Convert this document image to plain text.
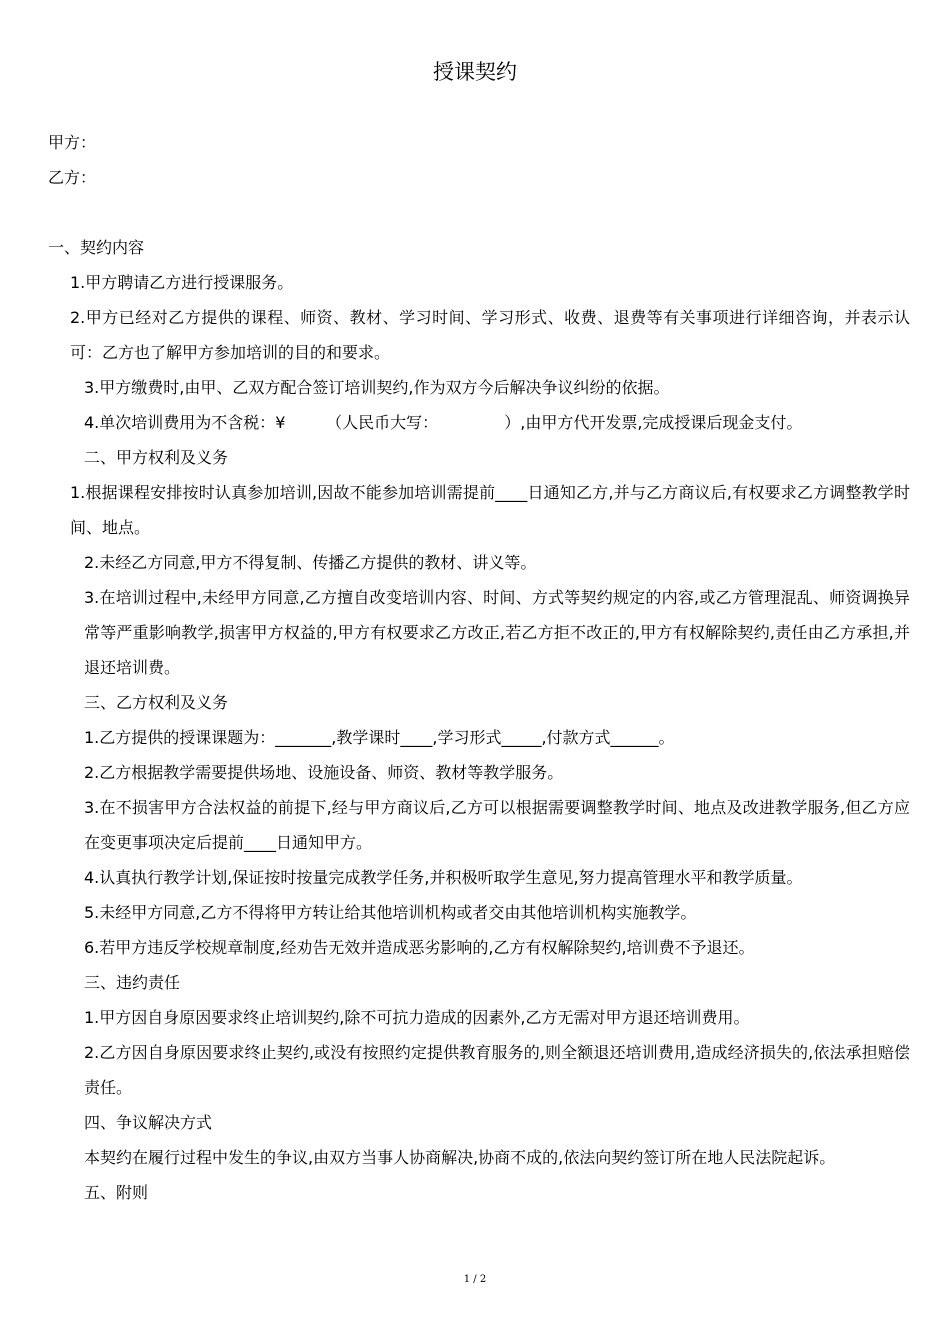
授课契约

甲方：

乙方：

一、契约内容

1.甲方聘请乙方进行授课服务。

2.甲方已经对乙方提供的课程、师资、教材、学习时间、学习形式、收费、退费等有关事项进行详细咨询，并表示认可：乙方也了解甲方参加培训的目的和要求。

3.甲方缴费时,由甲、乙双方配合签订培训契约,作为双方今后解决争议纠纷的依据。

4.单次培训费用为不含税：¥        （人民币大写：             ）,由甲方代开发票,完成授课后现金支付。

二、甲方权利及义务

1.根据课程安排按时认真参加培训,因故不能参加培训需提前____日通知乙方,并与乙方商议后,有权要求乙方调整教学时间、地点。

2.未经乙方同意,甲方不得复制、传播乙方提供的教材、讲义等。

3.在培训过程中,未经甲方同意,乙方擅自改变培训内容、时间、方式等契约规定的内容,或乙方管理混乱、师资调换异常等严重影响教学,损害甲方权益的,甲方有权要求乙方改正,若乙方拒不改正的,甲方有权解除契约,责任由乙方承担,并退还培训费。

三、乙方权利及义务

1.乙方提供的授课课题为：_______,教学课时____,学习形式_____,付款方式______。

2.乙方根据教学需要提供场地、设施设备、师资、教材等教学服务。

3.在不损害甲方合法权益的前提下,经与甲方商议后,乙方可以根据需要调整教学时间、地点及改进教学服务,但乙方应在变更事项决定后提前____日通知甲方。

4.认真执行教学计划,保证按时按量完成教学任务,并积极听取学生意见,努力提高管理水平和教学质量。

5.未经甲方同意,乙方不得将甲方转让给其他培训机构或者交由其他培训机构实施教学。

6.若甲方违反学校规章制度,经劝告无效并造成恶劣影响的,乙方有权解除契约,培训费不予退还。

三、违约责任

1.甲方因自身原因要求终止培训契约,除不可抗力造成的因素外,乙方无需对甲方退还培训费用。

2.乙方因自身原因要求终止契约,或没有按照约定提供教育服务的,则全额退还培训费用,造成经济损失的,依法承担赔偿责任。

四、争议解决方式

本契约在履行过程中发生的争议,由双方当事人协商解决,协商不成的,依法向契约签订所在地人民法院起诉。

五、附则

1 / 2
